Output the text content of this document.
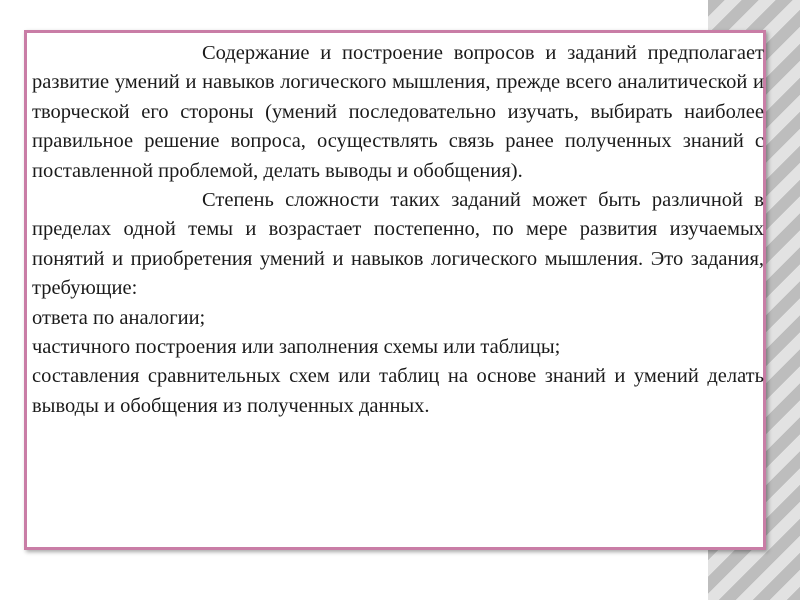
Содержание и построение вопросов и заданий предполагает развитие умений и навыков логического мышления, прежде всего аналитической и творческой его стороны (умений последовательно изучать, выбирать наиболее правильное решение вопроса, осуществлять связь ранее полученных знаний с поставленной проблемой, делать выводы и обобщения).

Степень сложности таких заданий может быть различной в пределах одной темы и возрастает постепенно, по мере развития изучаемых понятий и приобретения умений и навыков логического мышления. Это задания, требующие:

ответа по аналогии;

частичного построения или заполнения схемы или таблицы;

составления сравнительных схем или таблиц на основе знаний и умений делать выводы и обобщения из полученных данных.
